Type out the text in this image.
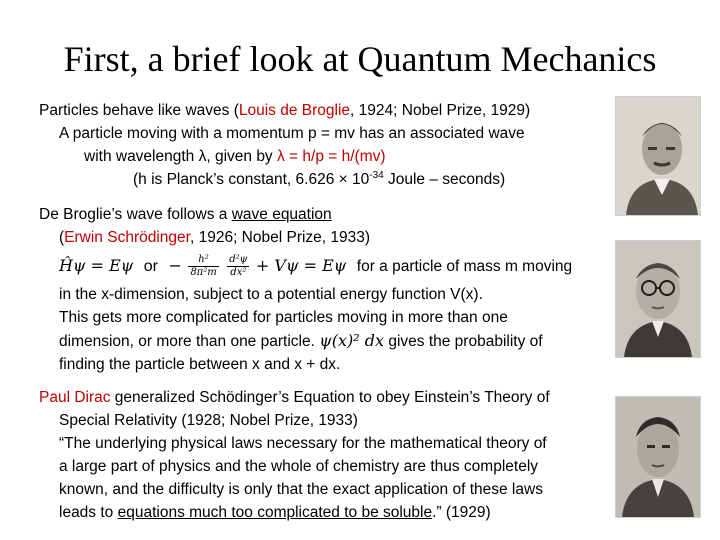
First, a brief look at Quantum Mechanics
Particles behave like waves (Louis de Broglie, 1924; Nobel Prize, 1929)
A particle moving with a momentum p = mv has an associated wave
with wavelength λ, given by λ = h/p = h/(mv)
(h is Planck’s constant, $6.626 \times 10^{-34}$ Joule – seconds)
De Broglie’s wave follows a wave equation
(Erwin Schrödinger, 1926; Nobel Prize, 1933)
Ĥψ = Eψ or − $\frac{\text{h²}}{\text{8π²m}}$
$\frac{\text{d²ψ}}{\text{dx²}} + V\psi = E\psi$ for a particle of mass m moving
in the x-dimension, subject to a potential energy function V(x).
This gets more complicated for particles moving in more than one
dimension, or more than one particle. ψ(x)² dx gives the probability of
finding the particle between x and x + dx.
Paul Dirac generalized Schödinger’s Equation to obey Einstein’s Theory of
Special Relativity (1928; Nobel Prize, 1933)
“The underlying physical laws necessary for the mathematical theory of
a large part of physics and the whole of chemistry are thus completely
known, and the difficulty is only that the exact application of these laws
leads to equations much too complicated to be soluble.” (1929)
